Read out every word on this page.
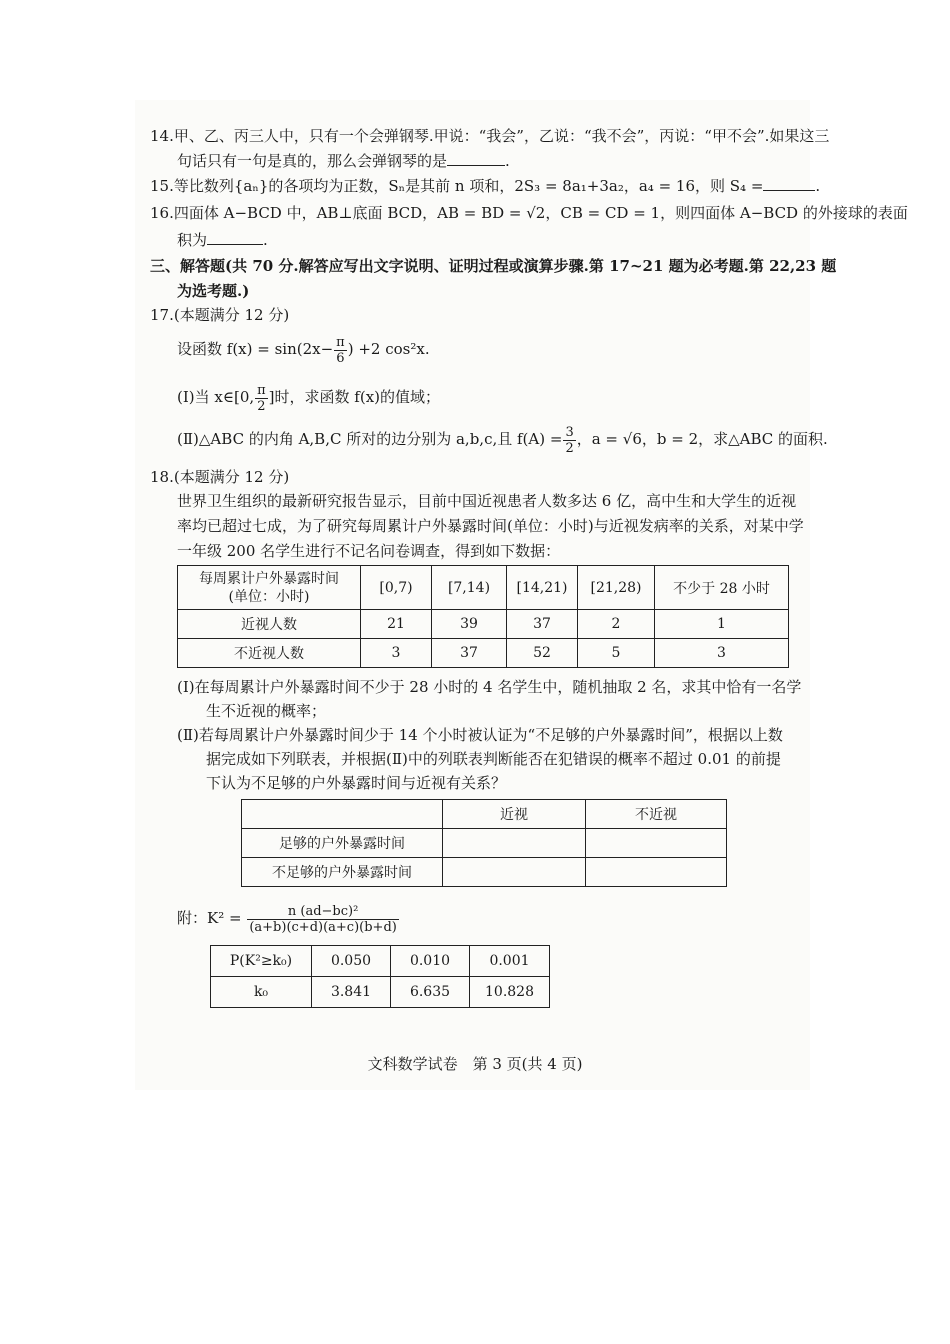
14.甲、乙、丙三人中，只有一个会弹钢琴.甲说：“我会”，乙说：“我不会”，丙说：“甲不会”.如果这三
句话只有一句是真的，那么会弹钢琴的是	.
15.等比数列{aₙ}的各项均为正数，Sₙ是其前 n 项和，2S₃ = 8a₁+3a₂，a₄ = 16，则 S₄ =	.
16.四面体 A−BCD 中，AB⊥底面 BCD，AB = BD = √2，CB = CD = 1，则四面体 A−BCD 的外接球的表面
积为	.
三、解答题(共 70 分.解答应写出文字说明、证明过程或演算步骤.第 17~21 题为必考题.第 22,23 题
为选考题.)
17.(本题满分 12 分)
设函数 $f(x) = \sin(2x- \frac{\pi}{6}$ ) +2 cos²x.
(Ⅰ)当 x∈[0, $\frac{\pi}{2}$ ]时，求函数 f(x)的值域；
(Ⅱ)△ABC 的内角 A,B,C 所对的边分别为 a,b,c,且 $f(A) = \frac{3}{2}$ ，a = √6，b = 2，求△ABC 的面积.
18.(本题满分 12 分)
世界卫生组织的最新研究报告显示，目前中国近视患者人数多达 6 亿，高中生和大学生的近视
率均已超过七成，为了研究每周累计户外暴露时间(单位：小时)与近视发病率的关系，对某中学
一年级 200 名学生进行不记名问卷调查，得到如下数据：
每周累计户外暴露时间
(单位：小时)	[0,7)	[7,14)	[14,21)	[21,28)	不少于 28 小时
近视人数	21	39	37	2	1
不近视人数	3	37	52	5	3
(Ⅰ)在每周累计户外暴露时间不少于 28 小时的 4 名学生中，随机抽取 2 名，求其中恰有一名学
生不近视的概率；
(Ⅱ)若每周累计户外暴露时间少于 14 个小时被认证为“不足够的户外暴露时间”，根据以上数
据完成如下列联表，并根据(Ⅱ)中的列联表判断能否在犯错误的概率不超过 0.01 的前提
下认为不足够的户外暴露时间与近视有关系？
	近视	不近视
足够的户外暴露时间		
不足够的户外暴露时间		
附：$K^2 = \frac{\text{n (ad−bc)²}}{(a+b)(c+d)(a+c)(b+d)}$
P(K²≥k₀)	0.050	0.010	0.001
k₀	3.841	6.635	10.828
文科数学试卷　第 3 页(共 4 页)
